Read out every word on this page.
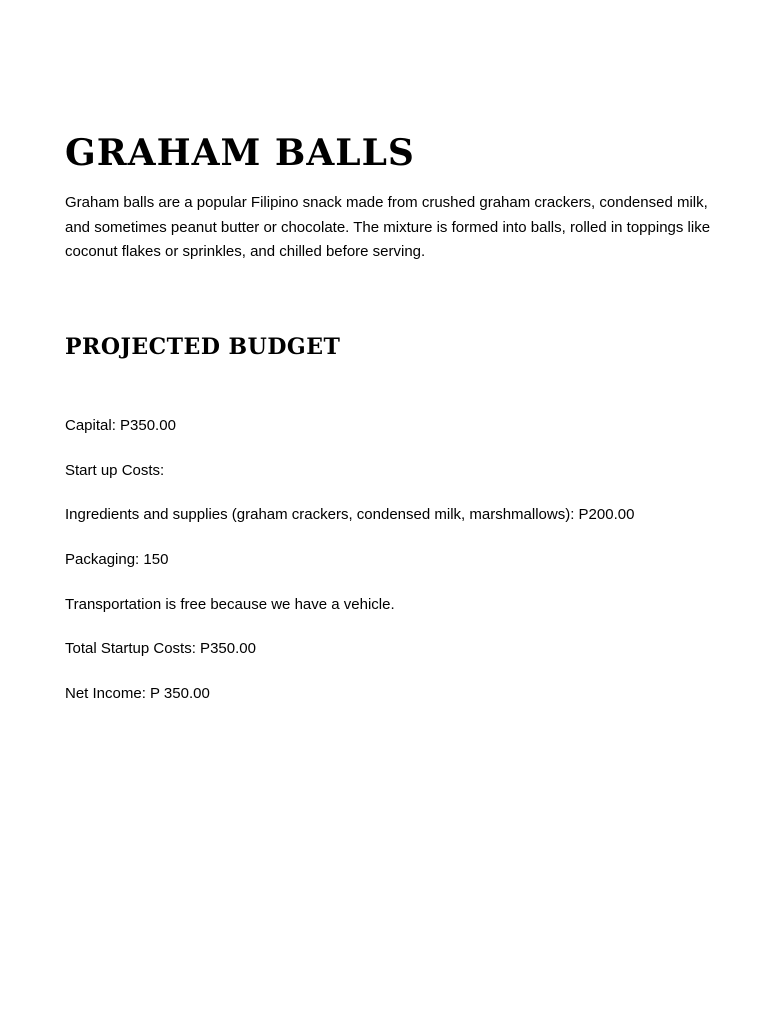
GRAHAM BALLS

Graham balls are a popular Filipino snack made from crushed graham crackers, condensed milk, and sometimes peanut butter or chocolate. The mixture is formed into balls, rolled in toppings like coconut flakes or sprinkles, and chilled before serving.

PROJECTED BUDGET
Capital: P350.00
Start up Costs:
Ingredients and supplies (graham crackers, condensed milk, marshmallows): P200.00
Packaging: 150
Transportation is free because we have a vehicle.
Total Startup Costs: P350.00
Net Income: P 350.00
